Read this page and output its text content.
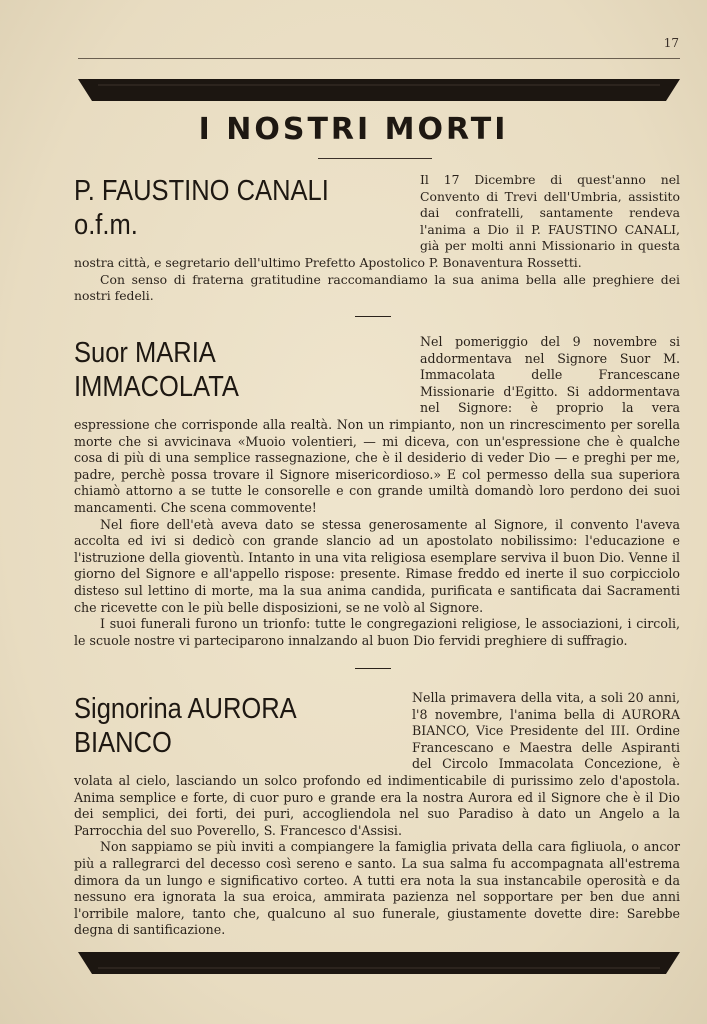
17
I NOSTRI MORTI
P. FAUSTINO CANALI o.f.m.

Il 17 Dicembre di quest'anno nel Convento di Trevi dell'Umbria, assistito dai confratelli, santamente rendeva l'anima a Dio il P. FAUSTINO CANALI, già per molti anni Missionario in questa nostra città, e segretario dell'ultimo Prefetto Apostolico P. Bonaventura Rossetti.

Con senso di fraterna gratitudine raccomandiamo la sua anima bella alle preghiere dei nostri fedeli.

Suor MARIA IMMACOLATA

Nel pomeriggio del 9 novembre si addormentava nel Signore Suor M. Immacolata delle Francescane Missionarie d'Egitto. Si addormentava nel Signore: è proprio la vera espressione che corrisponde alla realtà. Non un rimpianto, non un rincrescimento per sorella morte che si avvicinava «Muoio volentieri, — mi diceva, con un'espressione che è qualche cosa di più di una semplice rassegnazione, che è il desiderio di veder Dio — e preghi per me, padre, perchè possa trovare il Signore misericordioso.» E col permesso della sua superiora chiamò attorno a se tutte le consorelle e con grande umiltà domandò loro perdono dei suoi mancamenti. Che scena commovente!

Nel fiore dell'età aveva dato se stessa generosamente al Signore, il convento l'aveva accolta ed ivi si dedicò con grande slancio ad un apostolato nobilissimo: l'educazione e l'istruzione della gioventù. Intanto in una vita religiosa esemplare serviva il buon Dio. Venne il giorno del Signore e all'appello rispose: presente. Rimase freddo ed inerte il suo corpicciolo disteso sul lettino di morte, ma la sua anima candida, purificata e santificata dai Sacramenti che ricevette con le più belle disposizioni, se ne volò al Signore.

I suoi funerali furono un trionfo: tutte le congregazioni religiose, le associazioni, i circoli, le scuole nostre vi parteciparono innalzando al buon Dio fervidi preghiere di suffragio.

Signorina AURORA BIANCO

Nella primavera della vita, a soli 20 anni, l'8 novembre, l'anima bella di AURORA BIANCO, Vice Presidente del III. Ordine Francescano e Maestra delle Aspiranti del Circolo Immacolata Concezione, è volata al cielo, lasciando un solco profondo ed indimenticabile di purissimo zelo d'apostola. Anima semplice e forte, di cuor puro e grande era la nostra Aurora ed il Signore che è il Dio dei semplici, dei forti, dei puri, accogliendola nel suo Paradiso à dato un Angelo a la Parrocchia del suo Poverello, S. Francesco d'Assisi.

Non sappiamo se più inviti a compiangere la famiglia privata della cara figliuola, o ancor più a rallegrarci del decesso così sereno e santo. La sua salma fu accompagnata all'estrema dimora da un lungo e significativo corteo. A tutti era nota la sua instancabile operosità e da nessuno era ignorata la sua eroica, ammirata pazienza nel sopportare per ben due anni l'orribile malore, tanto che, qualcuno al suo funerale, giustamente dovette dire: Sarebbe degna di santificazione.
